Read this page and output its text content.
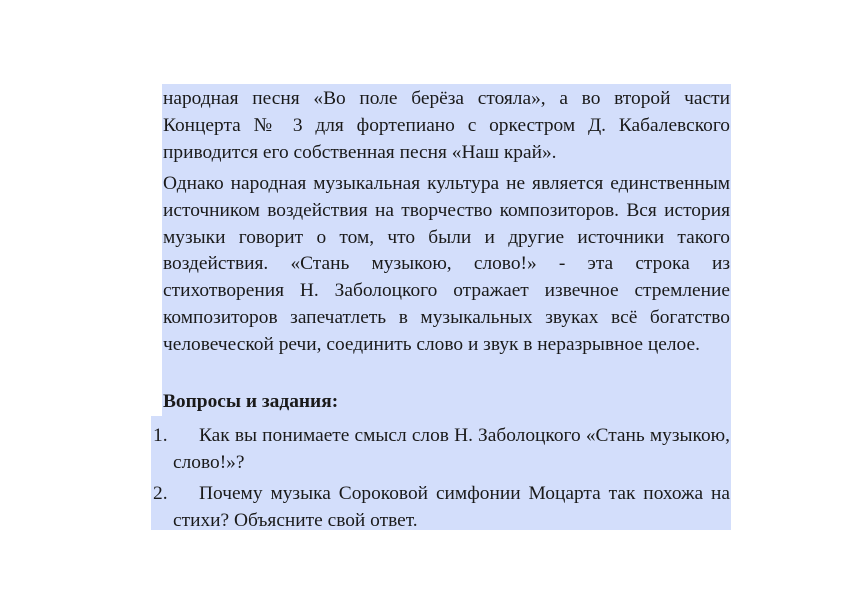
народная песня «Во поле берёза стояла», а во второй части Концерта № 3 для фортепиано с оркестром Д. Кабалевского приводится его собственная песня «Наш край».
Однако народная музыкальная культура не является единственным источником воздействия на творчество композиторов. Вся история музыки говорит о том, что были и другие источники такого воздействия. «Стань музыкою, слово!» - эта строка из стихотворения Н. Заболоцкого отражает извечное стремление композиторов запечатлеть в музыкальных звуках всё богатство человеческой речи, соединить слово и звук в неразрывное целое.
Вопросы и задания:
1.	Как вы понимаете смысл слов Н. Заболоцкого «Стань музыкою, слово!»?
2.	Почему музыка Сороковой симфонии Моцарта так похожа на стихи? Объясните свой ответ.
